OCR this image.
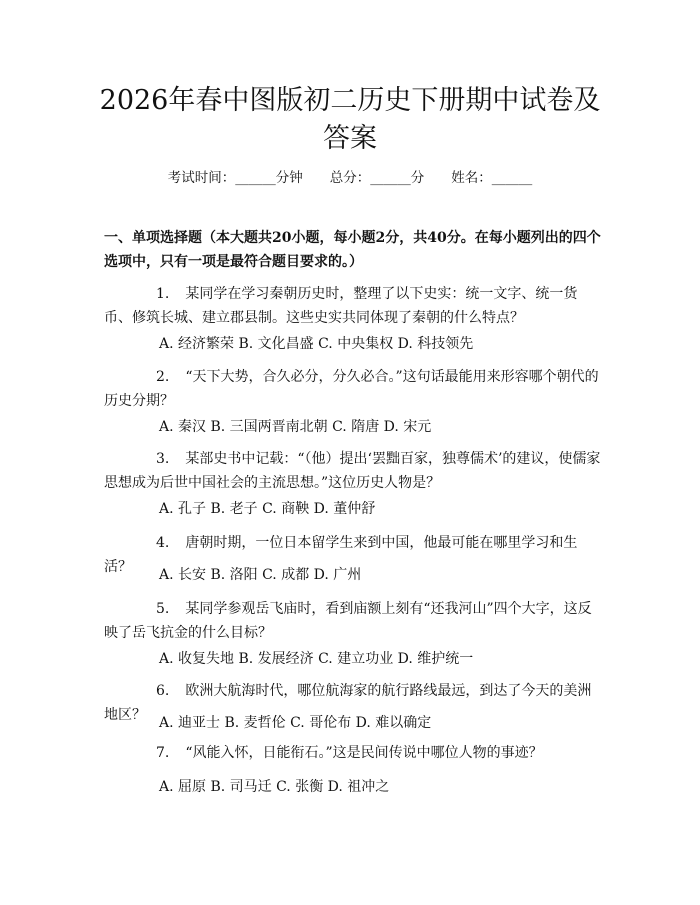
2026年春中图版初二历史下册期中试卷及答案
考试时间：______分钟　　总分：______分　　姓名：______

一、单项选择题（本大题共20小题，每小题2分，共40分。在每小题列出的四个选项中，只有一项是最符合题目要求的。）

1. 某同学在学习秦朝历史时，整理了以下史实：统一文字、统一货币、修筑长城、建立郡县制。这些史实共同体现了秦朝的什么特点？

A. 经济繁荣 B. 文化昌盛 C. 中央集权 D. 科技领先

2. “天下大势，合久必分，分久必合。”这句话最能用来形容哪个朝代的历史分期？

A. 秦汉 B. 三国两晋南北朝 C. 隋唐 D. 宋元

3. 某部史书中记载：“（他）提出‘罢黜百家，独尊儒术’的建议，使儒家思想成为后世中国社会的主流思想。”这位历史人物是？

A. 孔子 B. 老子 C. 商鞅 D. 董仲舒

4. 唐朝时期，一位日本留学生来到中国，他最可能在哪里学习和生活？	A. 长安 B. 洛阳 C. 成都 D. 广州

5. 某同学参观岳飞庙时，看到庙额上刻有“还我河山”四个大字，这反映了岳飞抗金的什么目标？

A. 收复失地 B. 发展经济 C. 建立功业 D. 维护统一

6. 欧洲大航海时代，哪位航海家的航行路线最远，到达了今天的美洲地区？ A. 迪亚士 B. 麦哲伦 C. 哥伦布 D. 难以确定

7. “风能入怀，日能衔石。”这是民间传说中哪位人物的事迹？

A. 屈原 B. 司马迁 C. 张衡 D. 祖冲之
